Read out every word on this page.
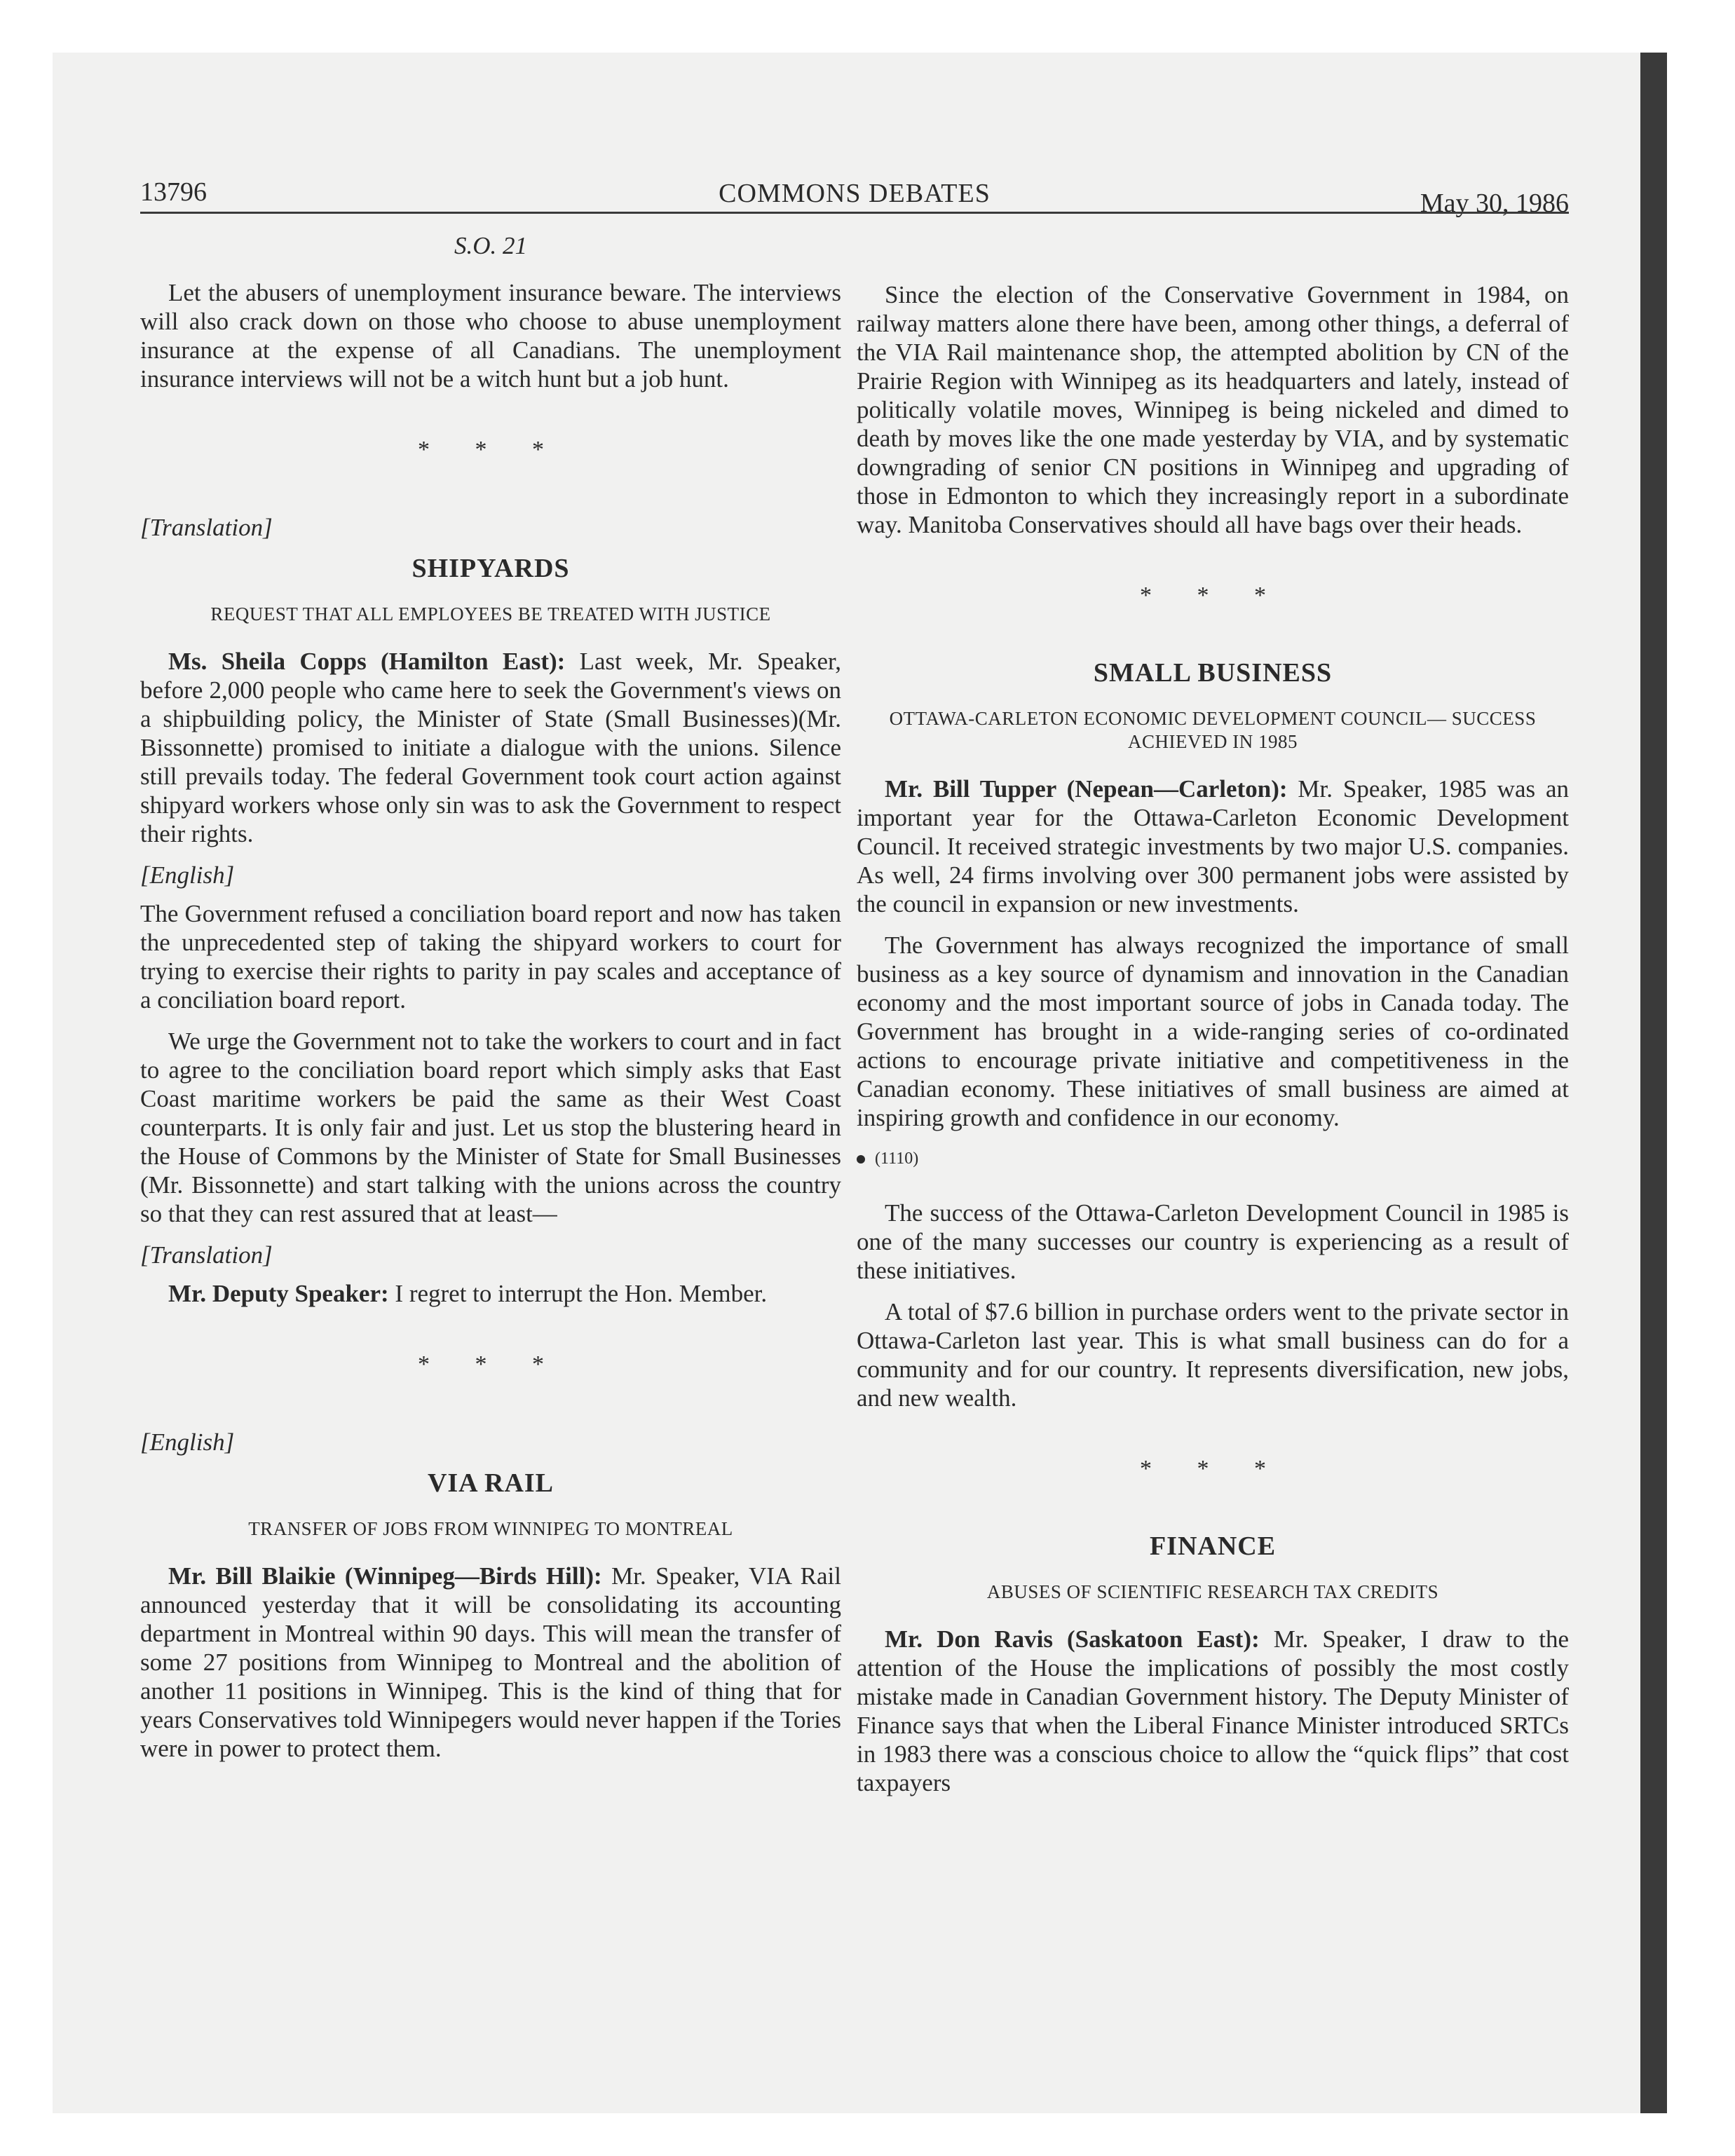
13796	COMMONS DEBATES	May 30, 1986
S.O. 21

Let the abusers of unemployment insurance beware. The interviews will also crack down on those who choose to abuse unemployment insurance at the expense of all Canadians. The unemployment insurance interviews will not be a witch hunt but a job hunt.

* * *
[Translation]
SHIPYARDS
REQUEST THAT ALL EMPLOYEES BE TREATED WITH JUSTICE

Ms. Sheila Copps (Hamilton East): Last week, Mr. Speaker, before 2,000 people who came here to seek the Government's views on a shipbuilding policy, the Minister of State (Small Businesses)(Mr. Bissonnette) promised to initiate a dialogue with the unions. Silence still prevails today. The federal Government took court action against shipyard workers whose only sin was to ask the Government to respect their rights.

[English]

The Government refused a conciliation board report and now has taken the unprecedented step of taking the shipyard workers to court for trying to exercise their rights to parity in pay scales and acceptance of a conciliation board report.

We urge the Government not to take the workers to court and in fact to agree to the conciliation board report which simply asks that East Coast maritime workers be paid the same as their West Coast counterparts. It is only fair and just. Let us stop the blustering heard in the House of Commons by the Minister of State for Small Businesses (Mr. Bissonnette) and start talking with the unions across the country so that they can rest assured that at least—

[Translation]

Mr. Deputy Speaker: I regret to interrupt the Hon. Member.

* * *
[English]
VIA RAIL
TRANSFER OF JOBS FROM WINNIPEG TO MONTREAL

Mr. Bill Blaikie (Winnipeg—Birds Hill): Mr. Speaker, VIA Rail announced yesterday that it will be consolidating its accounting department in Montreal within 90 days. This will mean the transfer of some 27 positions from Winnipeg to Montreal and the abolition of another 11 positions in Winnipeg. This is the kind of thing that for years Conservatives told Winnipegers would never happen if the Tories were in power to protect them.

Since the election of the Conservative Government in 1984, on railway matters alone there have been, among other things, a deferral of the VIA Rail maintenance shop, the attempted abolition by CN of the Prairie Region with Winnipeg as its headquarters and lately, instead of politically volatile moves, Winnipeg is being nickeled and dimed to death by moves like the one made yesterday by VIA, and by systematic downgrading of senior CN positions in Winnipeg and upgrading of those in Edmonton to which they increasingly report in a subordinate way. Manitoba Conservatives should all have bags over their heads.

* * *
SMALL BUSINESS
OTTAWA-CARLETON ECONOMIC DEVELOPMENT COUNCIL— SUCCESS ACHIEVED IN 1985

Mr. Bill Tupper (Nepean—Carleton): Mr. Speaker, 1985 was an important year for the Ottawa-Carleton Economic Development Council. It received strategic investments by two major U.S. companies. As well, 24 firms involving over 300 permanent jobs were assisted by the council in expansion or new investments.

The Government has always recognized the importance of small business as a key source of dynamism and innovation in the Canadian economy and the most important source of jobs in Canada today. The Government has brought in a wide-ranging series of co-ordinated actions to encourage private initiative and competitiveness in the Canadian economy. These initiatives of small business are aimed at inspiring growth and confidence in our economy.

(1110)

The success of the Ottawa-Carleton Development Council in 1985 is one of the many successes our country is experiencing as a result of these initiatives.

A total of $7.6 billion in purchase orders went to the private sector in Ottawa-Carleton last year. This is what small business can do for a community and for our country. It represents diversification, new jobs, and new wealth.

* * *
FINANCE
ABUSES OF SCIENTIFIC RESEARCH TAX CREDITS

Mr. Don Ravis (Saskatoon East): Mr. Speaker, I draw to the attention of the House the implications of possibly the most costly mistake made in Canadian Government history. The Deputy Minister of Finance says that when the Liberal Finance Minister introduced SRTCs in 1983 there was a conscious choice to allow the “quick flips” that cost taxpayers
